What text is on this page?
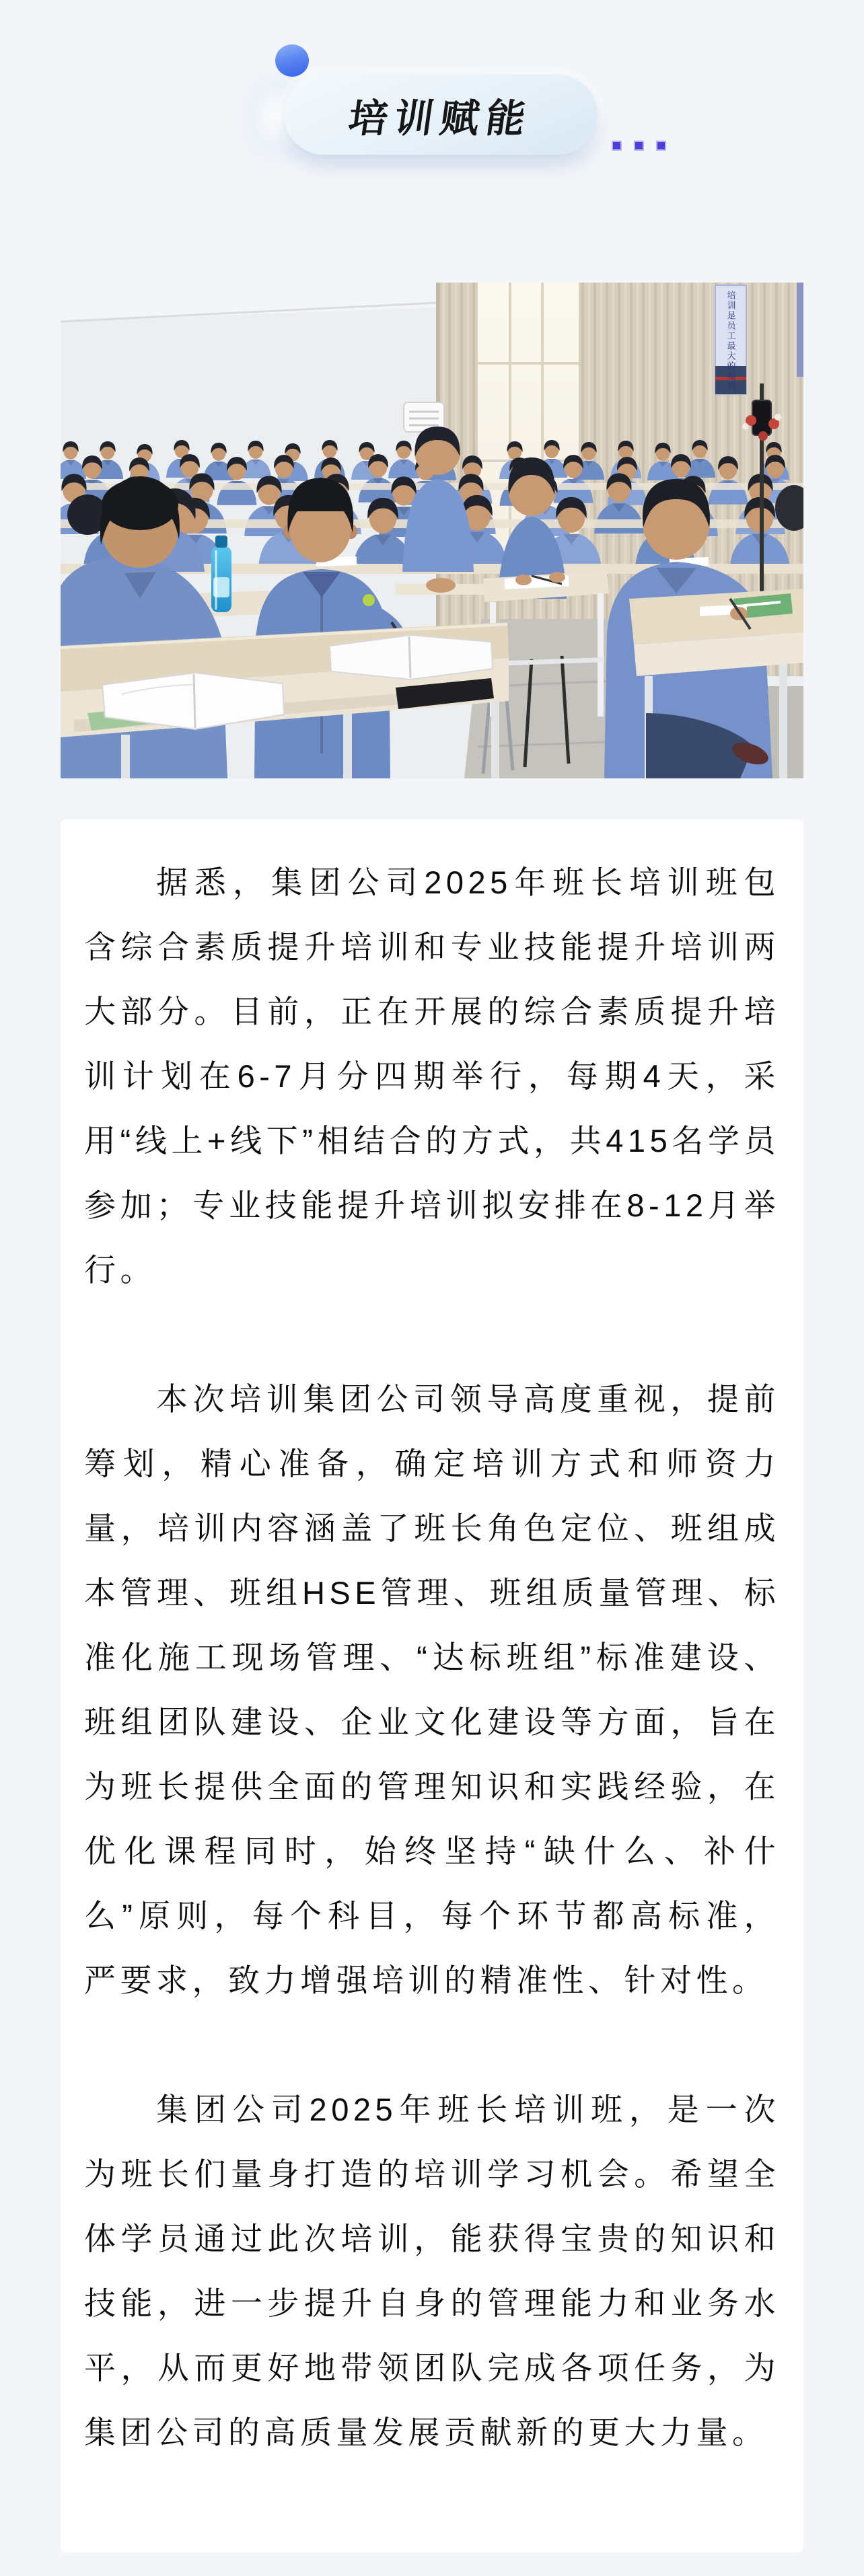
培训赋能
培训是员工最大的福利

据悉，集团公司2025年班长培训班包含综合素质提升培训和专业技能提升培训两大部分。目前，正在开展的综合素质提升培训计划在6-7月分四期举行，每期4天，采用“线上+线下”相结合的方式，共415名学员参加；专业技能提升培训拟安排在8-12月举行。

本次培训集团公司领导高度重视，提前筹划，精心准备，确定培训方式和师资力量，培训内容涵盖了班长角色定位、班组成本管理、班组HSE管理、班组质量管理、标准化施工现场管理、“达标班组”标准建设、班组团队建设、企业文化建设等方面，旨在为班长提供全面的管理知识和实践经验，在优化课程同时，始终坚持“缺什么、补什么”原则，每个科目，每个环节都高标准，严要求，致力增强培训的精准性、针对性。

集团公司2025年班长培训班，是一次为班长们量身打造的培训学习机会。希望全体学员通过此次培训，能获得宝贵的知识和技能，进一步提升自身的管理能力和业务水平，从而更好地带领团队完成各项任务，为集团公司的高质量发展贡献新的更大力量。
